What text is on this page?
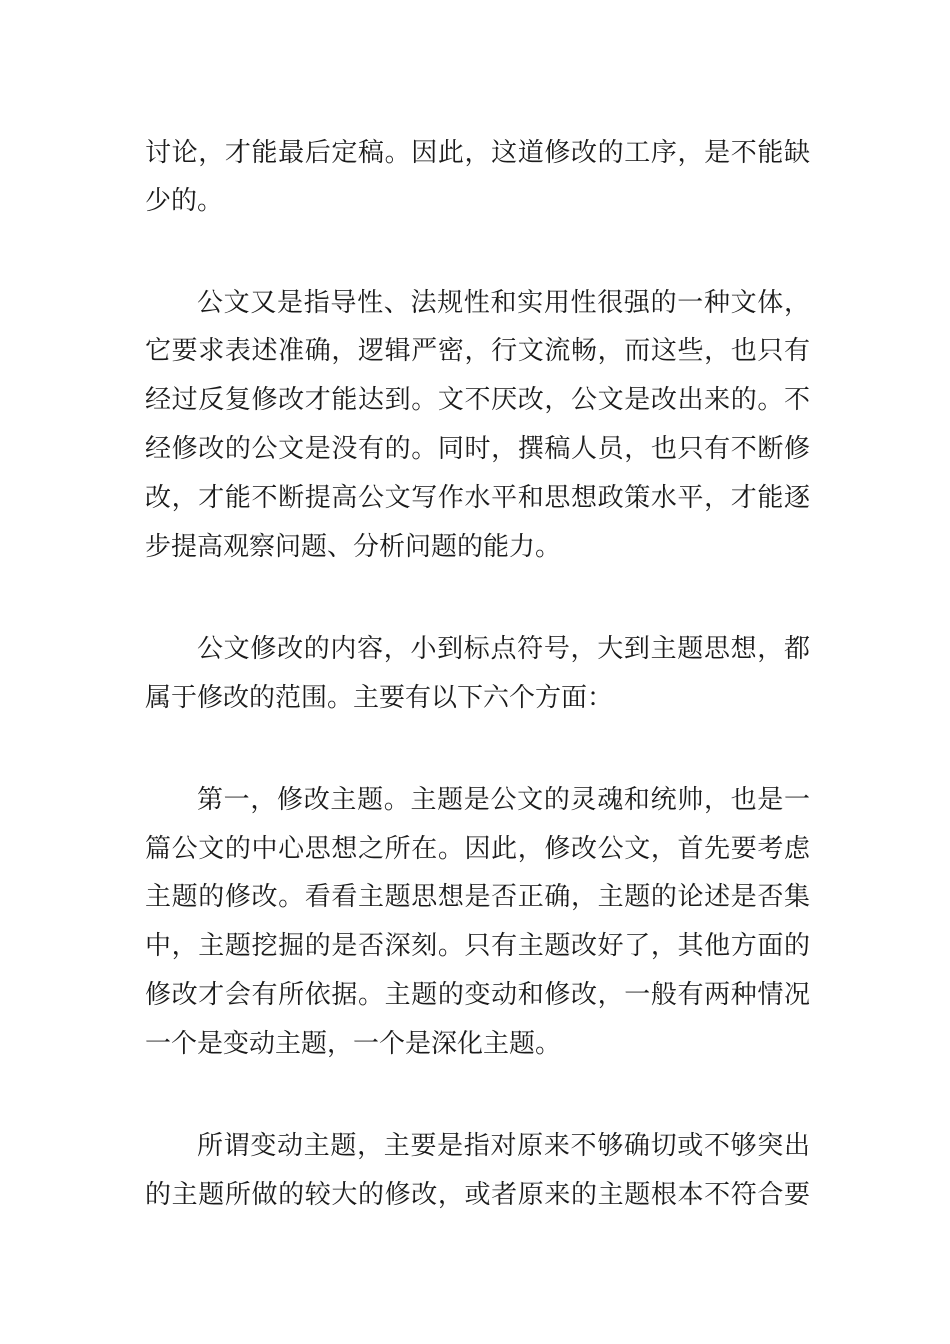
讨论，才能最后定稿。因此，这道修改的工序，是不能缺
少的。
公文又是指导性、法规性和实用性很强的一种文体，
它要求表述准确，逻辑严密，行文流畅，而这些，也只有
经过反复修改才能达到。文不厌改，公文是改出来的。不
经修改的公文是没有的。同时，撰稿人员，也只有不断修
改，才能不断提高公文写作水平和思想政策水平，才能逐
步提高观察问题、分析问题的能力。
公文修改的内容，小到标点符号，大到主题思想，都
属于修改的范围。主要有以下六个方面：
第一，修改主题。主题是公文的灵魂和统帅，也是一
篇公文的中心思想之所在。因此，修改公文，首先要考虑
主题的修改。看看主题思想是否正确，主题的论述是否集
中，主题挖掘的是否深刻。只有主题改好了，其他方面的
修改才会有所依据。主题的变动和修改，一般有两种情况
一个是变动主题，一个是深化主题。
所谓变动主题，主要是指对原来不够确切或不够突出
的主题所做的较大的修改，或者原来的主题根本不符合要
